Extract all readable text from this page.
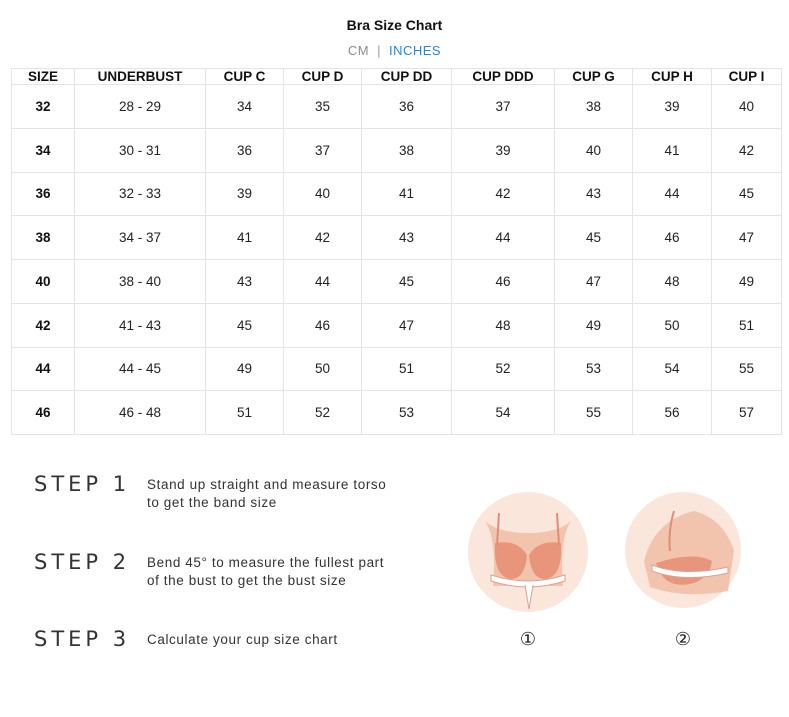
Bra Size Chart
CM | INCHES
SIZE	UNDERBUST	CUP C	CUP D	CUP DD	CUP DDD	CUP G	CUP H	CUP I
32	28 - 29	34	35	36	37	38	39	40
34	30 - 31	36	37	38	39	40	41	42
36	32 - 33	39	40	41	42	43	44	45
38	34 - 37	41	42	43	44	45	46	47
40	38 - 40	43	44	45	46	47	48	49
42	41 - 43	45	46	47	48	49	50	51
44	44 - 45	49	50	51	52	53	54	55
46	46 - 48	51	52	53	54	55	56	57
STEP 1 Stand up straight and measure torso
to get the band size
STEP 2 Bend 45° to measure the fullest part
of the bust to get the bust size
STEP 3 Calculate your cup size chart	①	②
